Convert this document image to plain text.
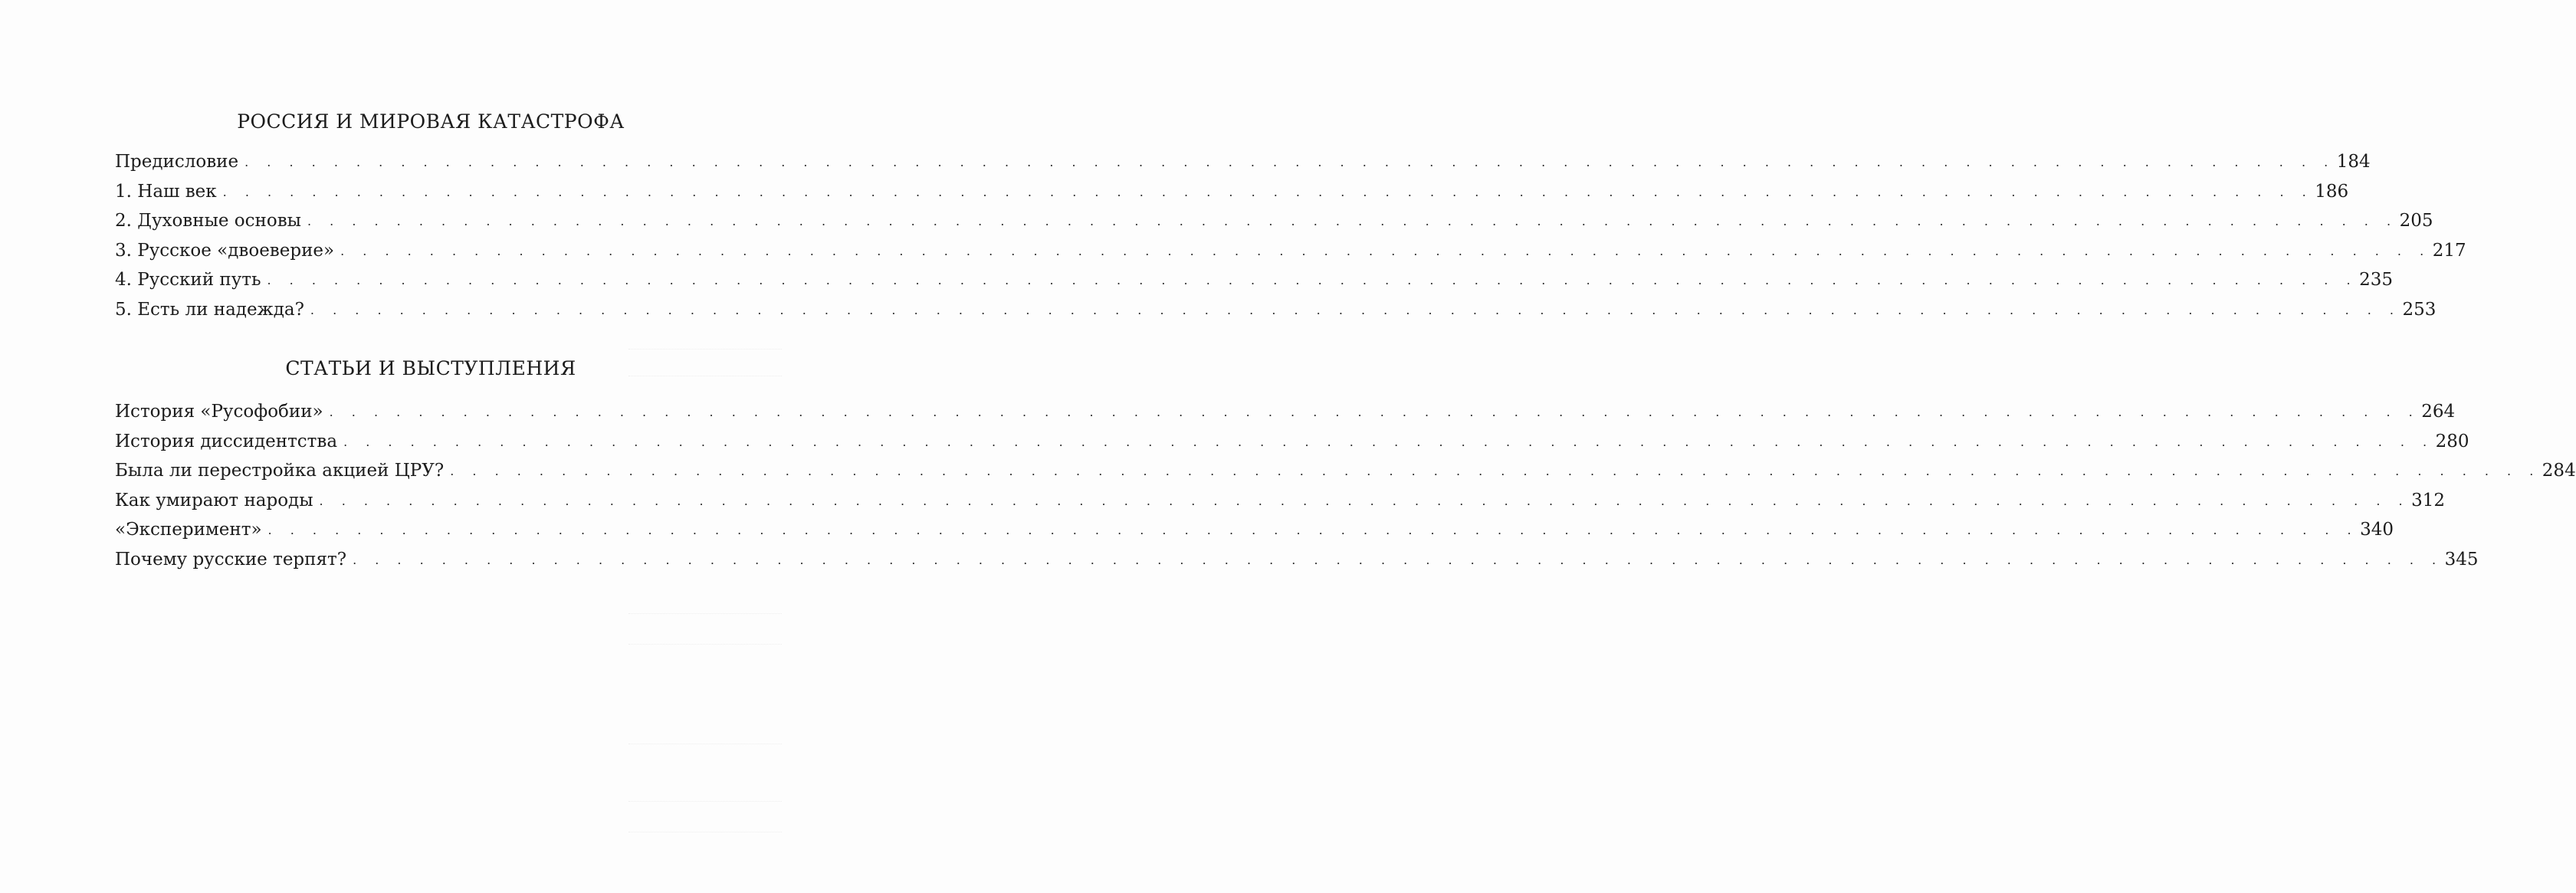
РОССИЯ И МИРОВАЯ КАТАСТРОФА
Предисловие . . . . . . . . . . . . . . . . . . . . . . . . . . . . . . . . . . . . . . . . . . . . . . . . . . . . . . . . . . . . . . . . . . . . . . . . . . . . . . . . . . . . . . . . . . . . . . 184
1. Наш век . . . . . . . . . . . . . . . . . . . . . . . . . . . . . . . . . . . . . . . . . . . . . . . . . . . . . . . . . . . . . . . . . . . . . . . . . . . . . . . . . . . . . . . . . . . . . . 186
2. Духовные основы . . . . . . . . . . . . . . . . . . . . . . . . . . . . . . . . . . . . . . . . . . . . . . . . . . . . . . . . . . . . . . . . . . . . . . . . . . . . . . . . . . . . . . . . . . . . . . 205
3. Русское «двоеверие» . . . . . . . . . . . . . . . . . . . . . . . . . . . . . . . . . . . . . . . . . . . . . . . . . . . . . . . . . . . . . . . . . . . . . . . . . . . . . . . . . . . . . . . . . . . . . . 217
4. Русский путь . . . . . . . . . . . . . . . . . . . . . . . . . . . . . . . . . . . . . . . . . . . . . . . . . . . . . . . . . . . . . . . . . . . . . . . . . . . . . . . . . . . . . . . . . . . . . . 235
5. Есть ли надежда? . . . . . . . . . . . . . . . . . . . . . . . . . . . . . . . . . . . . . . . . . . . . . . . . . . . . . . . . . . . . . . . . . . . . . . . . . . . . . . . . . . . . . . . . . . . . . . 253
СТАТЬИ И ВЫСТУПЛЕНИЯ
История «Русофобии» . . . . . . . . . . . . . . . . . . . . . . . . . . . . . . . . . . . . . . . . . . . . . . . . . . . . . . . . . . . . . . . . . . . . . . . . . . . . . . . . . . . . . . . . . . . . . . 264
История диссидентства . . . . . . . . . . . . . . . . . . . . . . . . . . . . . . . . . . . . . . . . . . . . . . . . . . . . . . . . . . . . . . . . . . . . . . . . . . . . . . . . . . . . . . . . . . . . . . 280
Была ли перестройка акцией ЦРУ? . . . . . . . . . . . . . . . . . . . . . . . . . . . . . . . . . . . . . . . . . . . . . . . . . . . . . . . . . . . . . . . . . . . . . . . . . . . . . . . . . . . . . . . . . . . . . . 284
Как умирают народы . . . . . . . . . . . . . . . . . . . . . . . . . . . . . . . . . . . . . . . . . . . . . . . . . . . . . . . . . . . . . . . . . . . . . . . . . . . . . . . . . . . . . . . . . . . . . . 312
«Эксперимент» . . . . . . . . . . . . . . . . . . . . . . . . . . . . . . . . . . . . . . . . . . . . . . . . . . . . . . . . . . . . . . . . . . . . . . . . . . . . . . . . . . . . . . . . . . . . . . 340
Почему русские терпят? . . . . . . . . . . . . . . . . . . . . . . . . . . . . . . . . . . . . . . . . . . . . . . . . . . . . . . . . . . . . . . . . . . . . . . . . . . . . . . . . . . . . . . . . . . . . . . 345
